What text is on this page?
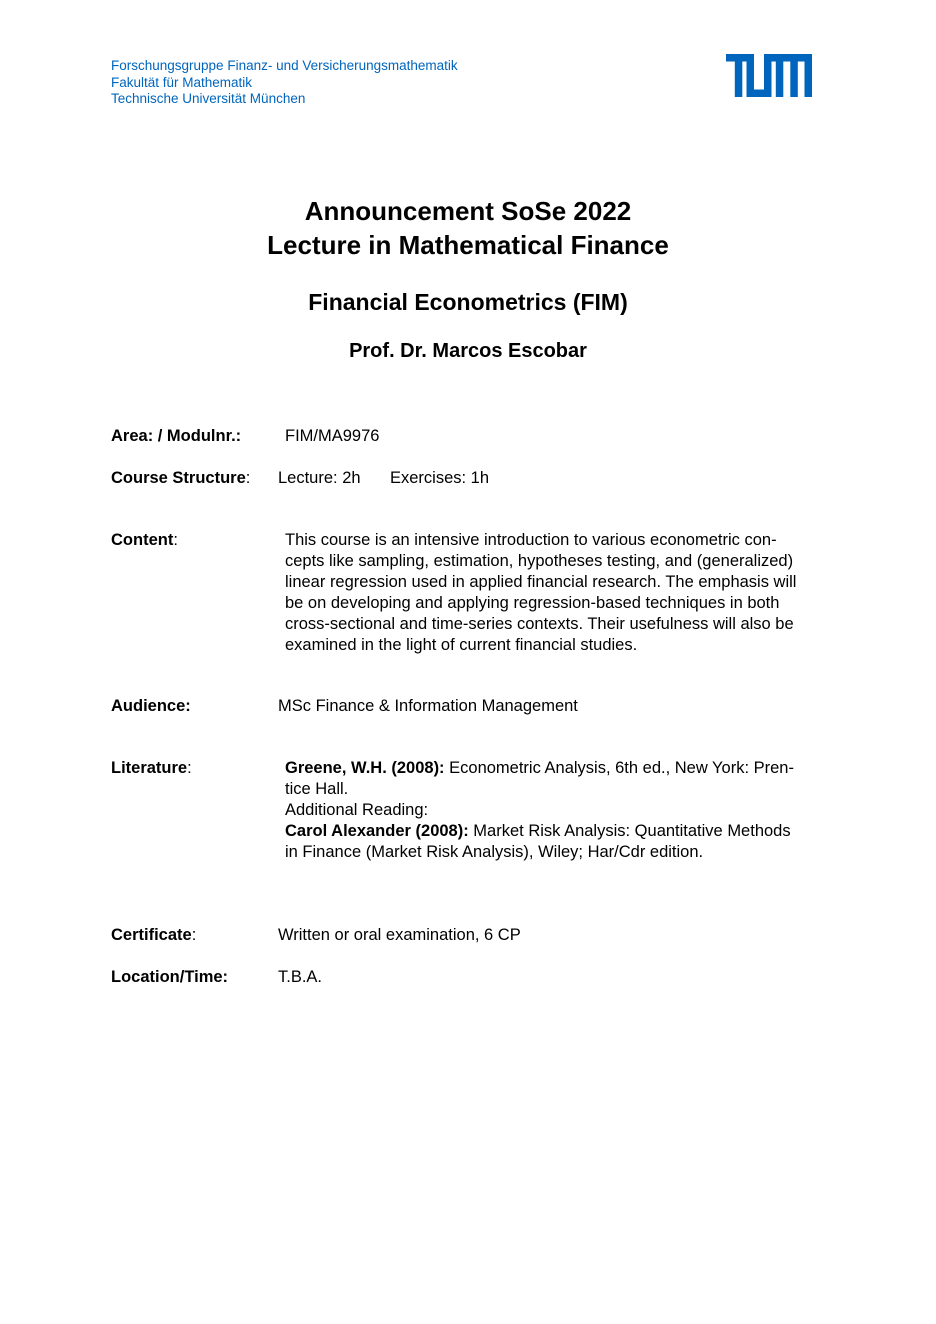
Forschungsgruppe Finanz- und Versicherungsmathematik
Fakultät für Mathematik
Technische Universität München
Announcement SoSe 2022
Lecture in Mathematical Finance
Financial Econometrics (FIM)
Prof. Dr. Marcos Escobar
Area: / Modulnr.:	FIM/MA9976
Course Structure: Lecture: 2h Exercises: 1h
Content:	This course is an intensive introduction to various econometric con-
cepts like sampling, estimation, hypotheses testing, and (generalized)
linear regression used in applied financial research. The emphasis will
be on developing and applying regression-based techniques in both
cross-sectional and time-series contexts. Their usefulness will also be
examined in the light of current financial studies.
Audience:	MSc Finance & Information Management
Literature:	Greene, W.H. (2008): Econometric Analysis, 6th ed., New York: Pren-
tice Hall.
Additional Reading:
Carol Alexander (2008): Market Risk Analysis: Quantitative Methods
in Finance (Market Risk Analysis), Wiley; Har/Cdr edition.
Certificate:	Written or oral examination, 6 CP
Location/Time:	T.B.A.
